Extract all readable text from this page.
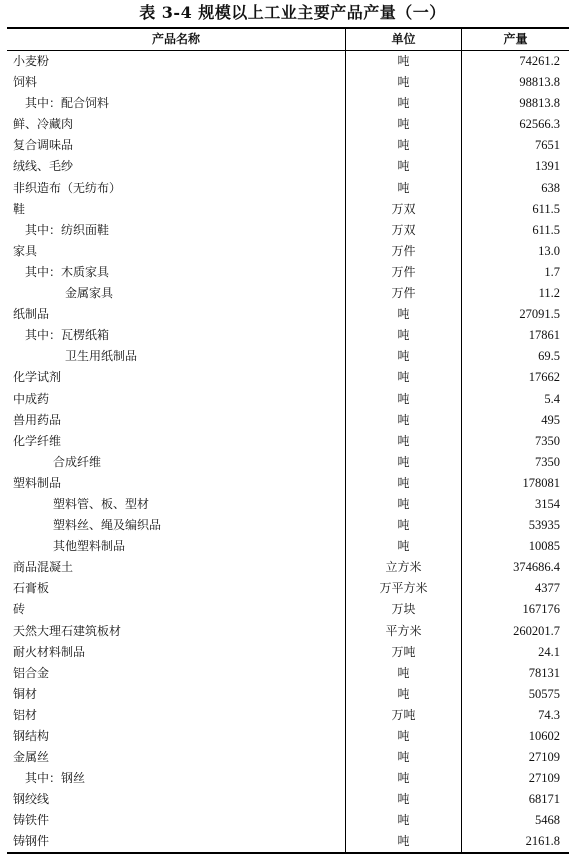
表 3-4 规模以上工业主要产品产量（一）
产品名称	单位	产量
小麦粉	吨	74261.2
饲料	吨	98813.8
其中：配合饲料	吨	98813.8
鲜、冷藏肉	吨	62566.3
复合调味品	吨	7651
绒线、毛纱	吨	1391
非织造布（无纺布）	吨	638
鞋	万双	611.5
其中：纺织面鞋	万双	611.5
家具	万件	13.0
其中：木质家具	万件	1.7
金属家具	万件	11.2
纸制品	吨	27091.5
其中：瓦楞纸箱	吨	17861
卫生用纸制品	吨	69.5
化学试剂	吨	17662
中成药	吨	5.4
兽用药品	吨	495
化学纤维	吨	7350
合成纤维	吨	7350
塑料制品	吨	178081
塑料管、板、型材	吨	3154
塑料丝、绳及编织品	吨	53935
其他塑料制品	吨	10085
商品混凝土	立方米	374686.4
石膏板	万平方米	4377
砖	万块	167176
天然大理石建筑板材	平方米	260201.7
耐火材料制品	万吨	24.1
铝合金	吨	78131
铜材	吨	50575
铝材	万吨	74.3
钢结构	吨	10602
金属丝	吨	27109
其中：钢丝	吨	27109
钢绞线	吨	68171
铸铁件	吨	5468
铸钢件	吨	2161.8
